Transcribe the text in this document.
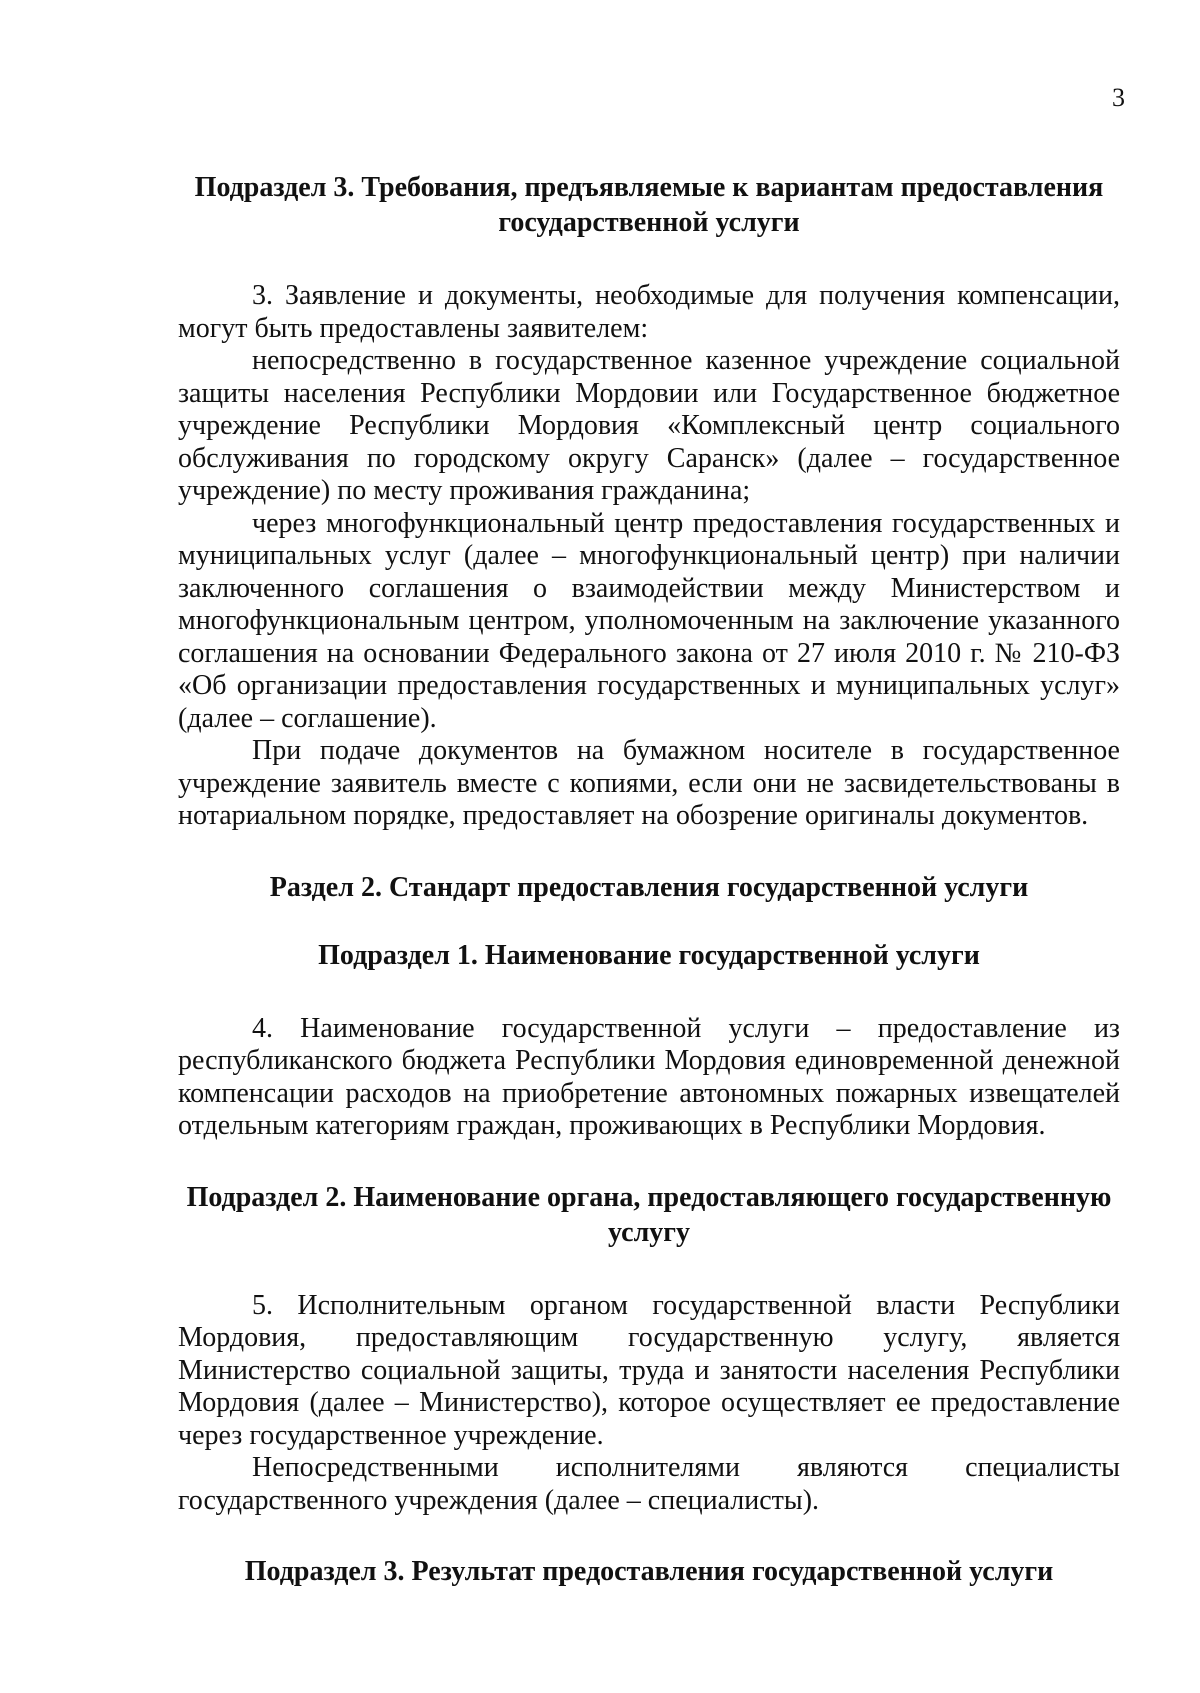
3

Подраздел 3. Требования, предъявляемые к вариантам предоставления государственной услуги

3. Заявление и документы, необходимые для получения компенсации, могут быть предоставлены заявителем:

непосредственно в государственное казенное учреждение социальной защиты населения Республики Мордовии или Государственное бюджетное учреждение Республики Мордовия «Комплексный центр социального обслуживания по городскому округу Саранск» (далее – государственное учреждение) по месту проживания гражданина;

через многофункциональный центр предоставления государственных и муниципальных услуг (далее – многофункциональный центр) при наличии заключенного соглашения о взаимодействии между Министерством и многофункциональным центром, уполномоченным на заключение указанного соглашения на основании Федерального закона от 27 июля 2010 г. № 210-ФЗ «Об организации предоставления государственных и муниципальных услуг» (далее – соглашение).

При подаче документов на бумажном носителе в государственное учреждение заявитель вместе с копиями, если они не засвидетельствованы в нотариальном порядке, предоставляет на обозрение оригиналы документов.

Раздел 2. Стандарт предоставления государственной услуги

Подраздел 1. Наименование государственной услуги

4. Наименование государственной услуги – предоставление из республиканского бюджета Республики Мордовия единовременной денежной компенсации расходов на приобретение автономных пожарных извещателей отдельным категориям граждан, проживающих в Республики Мордовия.

Подраздел 2. Наименование органа, предоставляющего государственную услугу

5. Исполнительным органом государственной власти Республики Мордовия, предоставляющим государственную услугу, является Министерство социальной защиты, труда и занятости населения Республики Мордовия (далее – Министерство), которое осуществляет ее предоставление через государственное учреждение.

Непосредственными исполнителями являются специалисты государственного учреждения (далее – специалисты).

Подраздел 3. Результат предоставления государственной услуги
